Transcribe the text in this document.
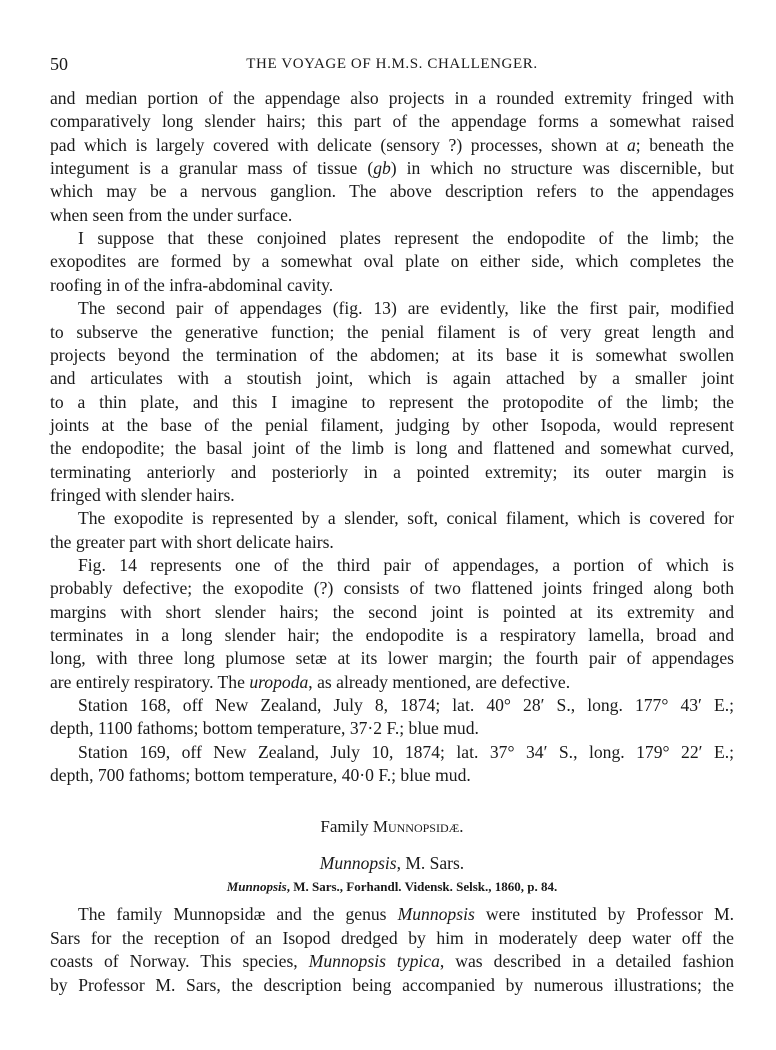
50	THE VOYAGE OF H.M.S. CHALLENGER.
and median portion of the appendage also projects in a rounded extremity fringed with
comparatively long slender hairs; this part of the appendage forms a somewhat raised
pad which is largely covered with delicate (sensory ?) processes, shown at a; beneath the
integument is a granular mass of tissue (gb) in which no structure was discernible, but
which may be a nervous ganglion. The above description refers to the appendages
when seen from the under surface.
I suppose that these conjoined plates represent the endopodite of the limb; the
exopodites are formed by a somewhat oval plate on either side, which completes the
roofing in of the infra-abdominal cavity.
The second pair of appendages (fig. 13) are evidently, like the first pair, modified
to subserve the generative function; the penial filament is of very great length and
projects beyond the termination of the abdomen; at its base it is somewhat swollen
and articulates with a stoutish joint, which is again attached by a smaller joint
to a thin plate, and this I imagine to represent the protopodite of the limb; the
joints at the base of the penial filament, judging by other Isopoda, would represent
the endopodite; the basal joint of the limb is long and flattened and somewhat curved,
terminating anteriorly and posteriorly in a pointed extremity; its outer margin is
fringed with slender hairs.
The exopodite is represented by a slender, soft, conical filament, which is covered for
the greater part with short delicate hairs.
Fig. 14 represents one of the third pair of appendages, a portion of which is
probably defective; the exopodite (?) consists of two flattened joints fringed along both
margins with short slender hairs; the second joint is pointed at its extremity and
terminates in a long slender hair; the endopodite is a respiratory lamella, broad and
long, with three long plumose setæ at its lower margin; the fourth pair of appendages
are entirely respiratory. The uropoda, as already mentioned, are defective.
Station 168, off New Zealand, July 8, 1874; lat. 40° 28′ S., long. 177° 43′ E.;
depth, 1100 fathoms; bottom temperature, 37·2 F.; blue mud.
Station 169, off New Zealand, July 10, 1874; lat. 37° 34′ S., long. 179° 22′ E.;
depth, 700 fathoms; bottom temperature, 40·0 F.; blue mud.
Family Munnopsidæ.
Munnopsis, M. Sars.
Munnopsis, M. Sars., Forhandl. Vidensk. Selsk., 1860, p. 84.
The family Munnopsidæ and the genus Munnopsis were instituted by Professor M.
Sars for the reception of an Isopod dredged by him in moderately deep water off the
coasts of Norway. This species, Munnopsis typica, was described in a detailed fashion
by Professor M. Sars, the description being accompanied by numerous illustrations; the
